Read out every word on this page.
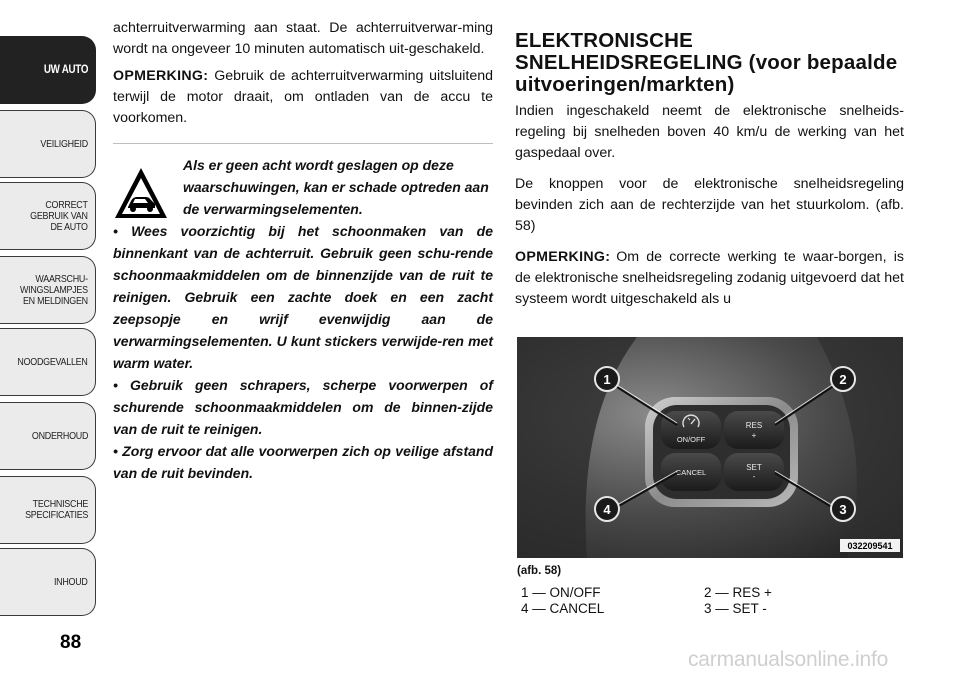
UW AUTO
VEILIGHEID
CORRECT
GEBRUIK VAN
DE AUTO
WAARSCHU-
WINGSLAMPJES
EN MELDINGEN
NOODGEVALLEN
ONDERHOUD
TECHNISCHE
SPECIFICATIES
INHOUD
88

achterruitverwarming aan staat. De achterruitverwar-ming wordt na ongeveer 10 minuten automatisch uit-geschakeld.

OPMERKING: Gebruik de achterruitverwarming uitsluitend terwijl de motor draait, om ontladen van de accu te voorkomen.

Als er geen acht wordt geslagen op deze waarschuwingen, kan er schade optreden aan de verwarmingselementen.

• Wees voorzichtig bij het schoonmaken van de binnenkant van de achterruit. Gebruik geen schu-rende schoonmaakmiddelen om de binnenzijde van de ruit te reinigen. Gebruik een zachte doek en een zacht zeepsopje en wrijf evenwijdig aan de verwarmingselementen. U kunt stickers verwijde-ren met warm water.

• Gebruik geen schrapers, scherpe voorwerpen of schurende schoonmaakmiddelen om de binnen-zijde van de ruit te reinigen.

• Zorg ervoor dat alle voorwerpen zich op veilige afstand van de ruit bevinden.

ELEKTRONISCHE SNELHEIDSREGELING (voor bepaalde uitvoeringen/markten)

Indien ingeschakeld neemt de elektronische snelheids-regeling bij snelheden boven 40 km/u de werking van het gaspedaal over.

De knoppen voor de elektronische snelheidsregeling bevinden zich aan de rechterzijde van het stuurkolom. (afb. 58)

OPMERKING: Om de correcte werking te waar-borgen, is de elektronische snelheidsregeling zodanig uitgevoerd dat het systeem wordt uitgeschakeld als u

ON/OFF
CANCEL
RES
+
SET
-
1	2
3
4
032209541
(afb. 58)
1 — ON/OFF	2 — RES +
4 — CANCEL	3 — SET -
carmanualsonline.info
